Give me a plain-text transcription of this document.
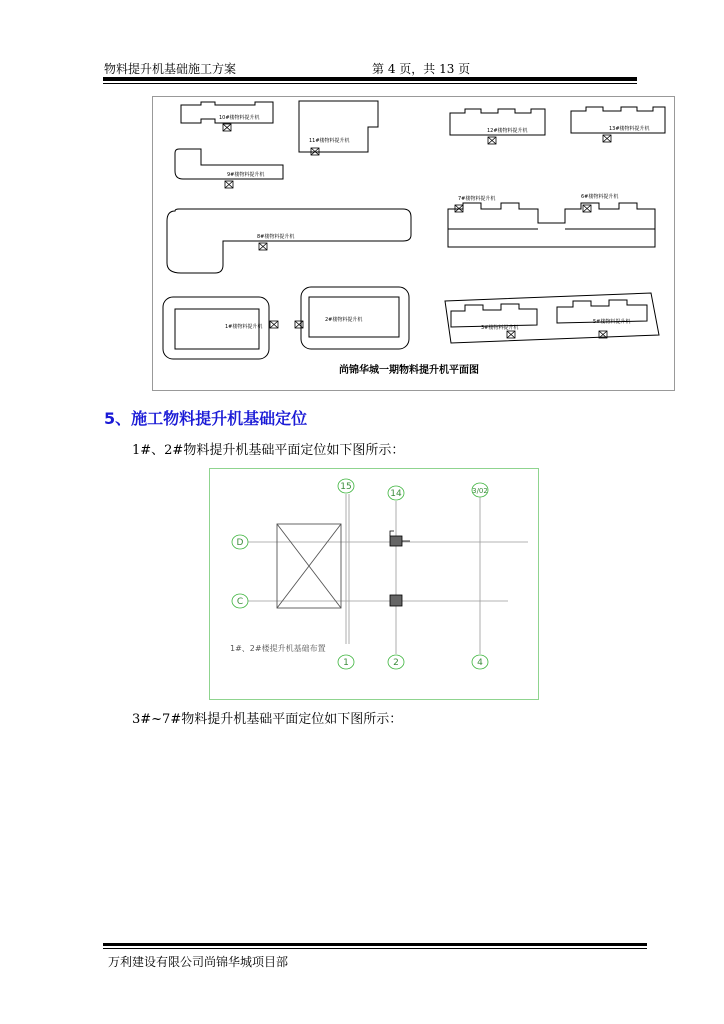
物料提升机基础施工方案	第 4 页，共 13 页
10#楼物料提升机
11#楼物料提升机
12#楼物料提升机	13#楼物料提升机
9#楼物料提升机
7#楼物料提升机	6#楼物料提升机
8#楼物料提升机
1#楼物料提升机
2#楼物料提升机
3#楼物料提升机
5#楼物料提升机
尚锦华城一期物料提升机平面图
5、施工物料提升机基础定位
1#、2#物料提升机基础平面定位如下图所示：
15
14	3/02
D
C
1	2	4
1#、2#楼提升机基础布置
3#~7#物料提升机基础平面定位如下图所示：
万利建设有限公司尚锦华城项目部
